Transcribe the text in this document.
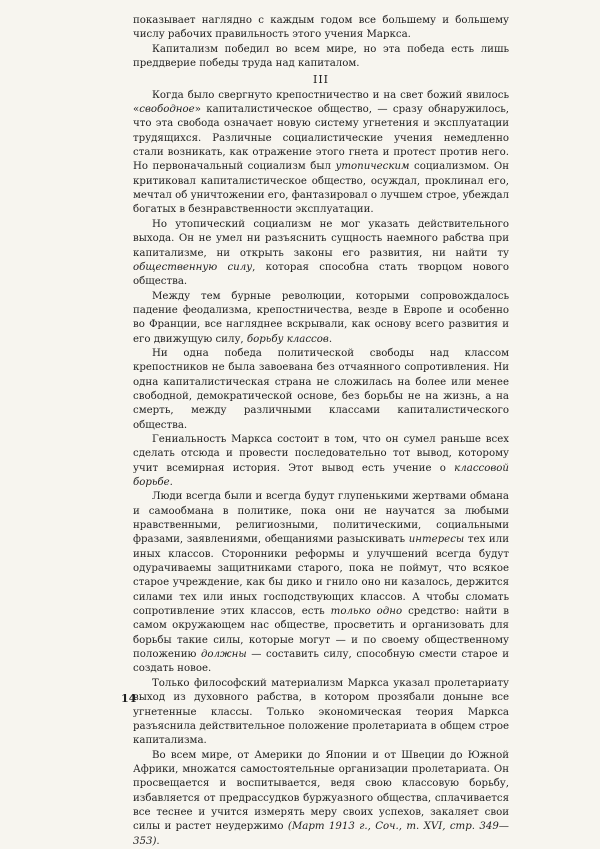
показывает наглядно с каждым годом все большему и большему числу рабочих правильность этого учения Маркса.

Капитализм победил во всем мире, но эта победа есть лишь преддверие победы труда над капиталом.

III

Когда было свергнуто крепостничество и на свет божий явилось «свободное» капиталистическое общество, — сразу обнаружилось, что эта свобода означает новую систему угнетения и эксплуатации трудящихся. Различные социалистические учения немедленно стали возникать, как отражение этого гнета и протест против него. Но первоначальный социализм был утопическим социализмом. Он критиковал капиталистическое общество, осуждал, проклинал его, мечтал об уничтожении его, фантазировал о лучшем строе, убеждал богатых в безнравственности эксплуатации.

Но утопический социализм не мог указать действительного выхода. Он не умел ни разъяснить сущность наемного рабства при капитализме, ни открыть законы его развития, ни найти ту общественную силу, которая способна стать творцом нового общества.

Между тем бурные революции, которыми сопровождалось падение феодализма, крепостничества, везде в Европе и особенно во Франции, все нагляднее вскрывали, как основу всего развития и его движущую силу, борьбу классов.

Ни одна победа политической свободы над классом крепостников не была завоевана без отчаянного сопротивления. Ни одна капиталистическая страна не сложилась на более или менее свободной, демократической основе, без борьбы не на жизнь, а на смерть, между различными классами капиталистического общества.

Гениальность Маркса состоит в том, что он сумел раньше всех сделать отсюда и провести последовательно тот вывод, которому учит всемирная история. Этот вывод есть учение о классовой борьбе.

Люди всегда были и всегда будут глупенькими жертвами обмана и самообмана в политике, пока они не научатся за любыми нравственными, религиозными, политическими, социальными фразами, заявлениями, обещаниями разыскивать интересы тех или иных классов. Сторонники реформы и улучшений всегда будут одурачиваемы защитниками старого, пока не поймут, что всякое старое учреждение, как бы дико и гнило оно ни казалось, держится силами тех или иных господствующих классов. А чтобы сломать сопротивление этих классов, есть только одно средство: найти в самом окружающем нас обществе, просветить и организовать для борьбы такие силы, которые могут — и по своему общественному положению должны — составить силу, способную смести старое и создать новое.

Только философский материализм Маркса указал пролетариату выход из духовного рабства, в котором прозябали доныне все угнетенные классы. Только экономическая теория Маркса разъяснила действительное положение пролетариата в общем строе капитализма.

Во всем мире, от Америки до Японии и от Швеции до Южной Африки, множатся самостоятельные организации пролетариата. Он просвещается и воспитывается, ведя свою классовую борьбу, избавляется от предрассудков буржуазного общества, сплачивается все теснее и учится измерять меру своих успехов, закаляет свои силы и растет неудержимо (Март 1913 г., Соч., т. XVI, стр. 349—353).

14
